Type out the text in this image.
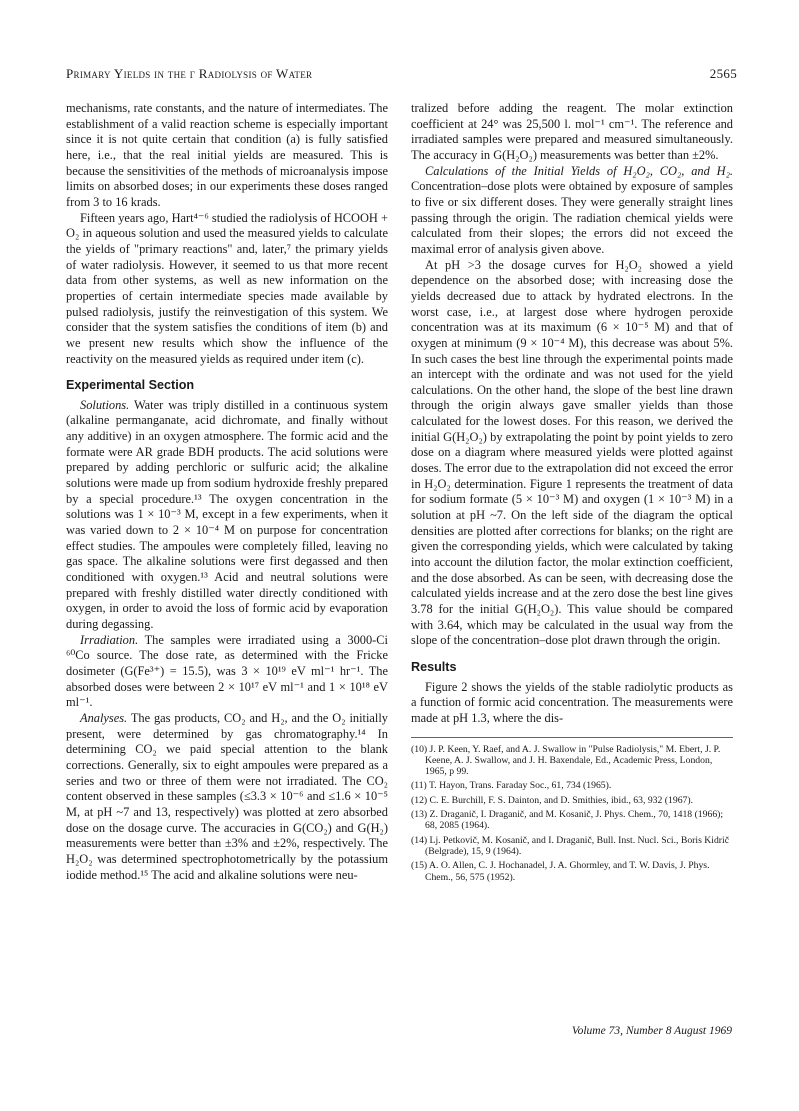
Primary Yields in the γ Radiolysis of Water	2565

mechanisms, rate constants, and the nature of intermediates. The establishment of a valid reaction scheme is especially important since it is not quite certain that condition (a) is fully satisfied here, i.e., that the real initial yields are measured. This is because the sensitivities of the methods of microanalysis impose limits on absorbed doses; in our experiments these doses ranged from 3 to 16 krads.

Fifteen years ago, Hart⁴⁻⁶ studied the radiolysis of HCOOH + O₂ in aqueous solution and used the measured yields to calculate the yields of "primary reactions" and, later,⁷ the primary yields of water radiolysis. However, it seemed to us that more recent data from other systems, as well as new information on the properties of certain intermediate species made available by pulsed radiolysis, justify the reinvestigation of this system. We consider that the system satisfies the conditions of item (b) and we present new results which show the influence of the reactivity on the measured yields as required under item (c).

Experimental Section

Solutions. Water was triply distilled in a continuous system (alkaline permanganate, acid dichromate, and finally without any additive) in an oxygen atmosphere. The formic acid and the formate were AR grade BDH products. The acid solutions were prepared by adding perchloric or sulfuric acid; the alkaline solutions were made up from sodium hydroxide freshly prepared by a special procedure.¹³ The oxygen concentration in the solutions was 1 × 10⁻³ M, except in a few experiments, when it was varied down to 2 × 10⁻⁴ M on purpose for concentration effect studies. The ampoules were completely filled, leaving no gas space. The alkaline solutions were first degassed and then conditioned with oxygen.¹³ Acid and neutral solutions were prepared with freshly distilled water directly conditioned with oxygen, in order to avoid the loss of formic acid by evaporation during degassing.

Irradiation. The samples were irradiated using a 3000-Ci ⁶⁰Co source. The dose rate, as determined with the Fricke dosimeter (G(Fe³⁺) = 15.5), was 3 × 10¹⁹ eV ml⁻¹ hr⁻¹. The absorbed doses were between 2 × 10¹⁷ eV ml⁻¹ and 1 × 10¹⁸ eV ml⁻¹.

Analyses. The gas products, CO₂ and H₂, and the O₂ initially present, were determined by gas chromatography.¹⁴ In determining CO₂ we paid special attention to the blank corrections. Generally, six to eight ampoules were prepared as a series and two or three of them were not irradiated. The CO₂ content observed in these samples (≤3.3 × 10⁻⁶ and ≤1.6 × 10⁻⁵ M, at pH ~7 and 13, respectively) was plotted at zero absorbed dose on the dosage curve. The accuracies in G(CO₂) and G(H₂) measurements were better than ±3% and ±2%, respectively. The H₂O₂ was determined spectrophotometrically by the potassium iodide method.¹⁵ The acid and alkaline solutions were neu-

tralized before adding the reagent. The molar extinction coefficient at 24° was 25,500 l. mol⁻¹ cm⁻¹. The reference and irradiated samples were prepared and measured simultaneously. The accuracy in G(H₂O₂) measurements was better than ±2%.

Calculations of the Initial Yields of H₂O₂, CO₂, and H₂. Concentration–dose plots were obtained by exposure of samples to five or six different doses. They were generally straight lines passing through the origin. The radiation chemical yields were calculated from their slopes; the errors did not exceed the maximal error of analysis given above.

At pH >3 the dosage curves for H₂O₂ showed a yield dependence on the absorbed dose; with increasing dose the yields decreased due to attack by hydrated electrons. In the worst case, i.e., at largest dose where hydrogen peroxide concentration was at its maximum (6 × 10⁻⁵ M) and that of oxygen at minimum (9 × 10⁻⁴ M), this decrease was about 5%. In such cases the best line through the experimental points made an intercept with the ordinate and was not used for the yield calculations. On the other hand, the slope of the best line drawn through the origin always gave smaller yields than those calculated for the lowest doses. For this reason, we derived the initial G(H₂O₂) by extrapolating the point by point yields to zero dose on a diagram where measured yields were plotted against doses. The error due to the extrapolation did not exceed the error in H₂O₂ determination. Figure 1 represents the treatment of data for sodium formate (5 × 10⁻³ M) and oxygen (1 × 10⁻³ M) in a solution at pH ~7. On the left side of the diagram the optical densities are plotted after corrections for blanks; on the right are given the corresponding yields, which were calculated by taking into account the dilution factor, the molar extinction coefficient, and the dose absorbed. As can be seen, with decreasing dose the calculated yields increase and at the zero dose the best line gives 3.78 for the initial G(H₂O₂). This value should be compared with 3.64, which may be calculated in the usual way from the slope of the concentration–dose plot drawn through the origin.

Results

Figure 2 shows the yields of the stable radiolytic products as a function of formic acid concentration. The measurements were made at pH 1.3, where the dis-

(10) J. P. Keen, Y. Raef, and A. J. Swallow in "Pulse Radiolysis," M. Ebert, J. P. Keene, A. J. Swallow, and J. H. Baxendale, Ed., Academic Press, London, 1965, p 99.

(11) T. Hayon, Trans. Faraday Soc., 61, 734 (1965).

(12) C. E. Burchill, F. S. Dainton, and D. Smithies, ibid., 63, 932 (1967).

(13) Z. Draganič, I. Draganič, and M. Kosanič, J. Phys. Chem., 70, 1418 (1966); 68, 2085 (1964).

(14) Lj. Petkovič, M. Kosanič, and I. Draganič, Bull. Inst. Nucl. Sci., Boris Kidrič (Belgrade), 15, 9 (1964).

(15) A. O. Allen, C. J. Hochanadel, J. A. Ghormley, and T. W. Davis, J. Phys. Chem., 56, 575 (1952).

Volume 73, Number 8 August 1969
